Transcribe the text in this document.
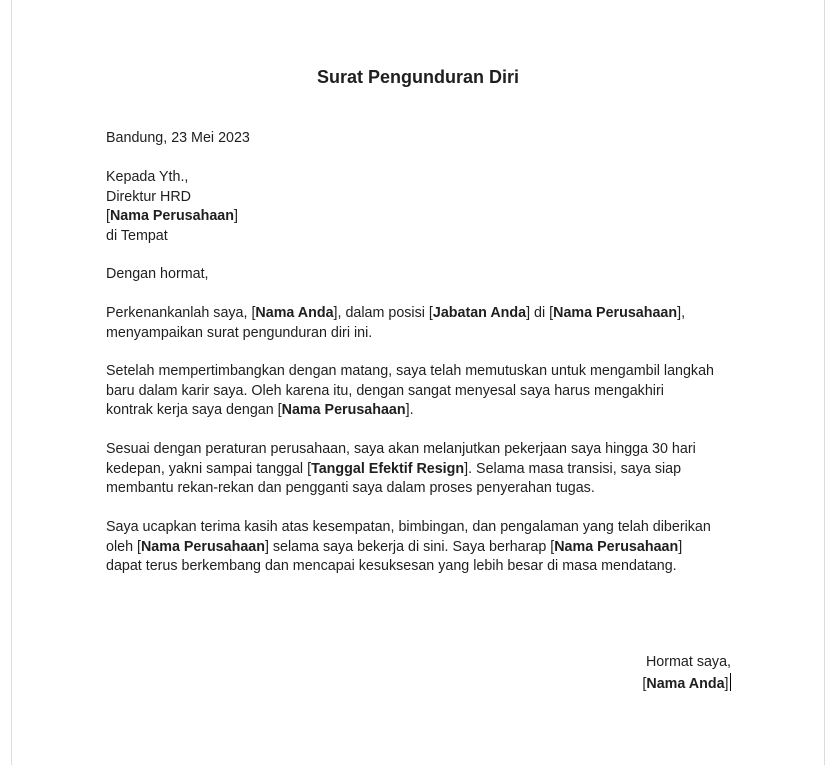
Surat Pengunduran Diri
Bandung, 23 Mei 2023
Kepada Yth.,
Direktur HRD
[Nama Perusahaan]
di Tempat
Dengan hormat,
Perkenankanlah saya, [Nama Anda], dalam posisi [Jabatan Anda] di [Nama Perusahaan],
menyampaikan surat pengunduran diri ini.
Setelah mempertimbangkan dengan matang, saya telah memutuskan untuk mengambil langkah
baru dalam karir saya. Oleh karena itu, dengan sangat menyesal saya harus mengakhiri
kontrak kerja saya dengan [Nama Perusahaan].
Sesuai dengan peraturan perusahaan, saya akan melanjutkan pekerjaan saya hingga 30 hari
kedepan, yakni sampai tanggal [Tanggal Efektif Resign]. Selama masa transisi, saya siap
membantu rekan-rekan dan pengganti saya dalam proses penyerahan tugas.
Saya ucapkan terima kasih atas kesempatan, bimbingan, dan pengalaman yang telah diberikan
oleh [Nama Perusahaan] selama saya bekerja di sini. Saya berharap [Nama Perusahaan]
dapat terus berkembang dan mencapai kesuksesan yang lebih besar di masa mendatang.
Hormat saya,
[Nama Anda]
